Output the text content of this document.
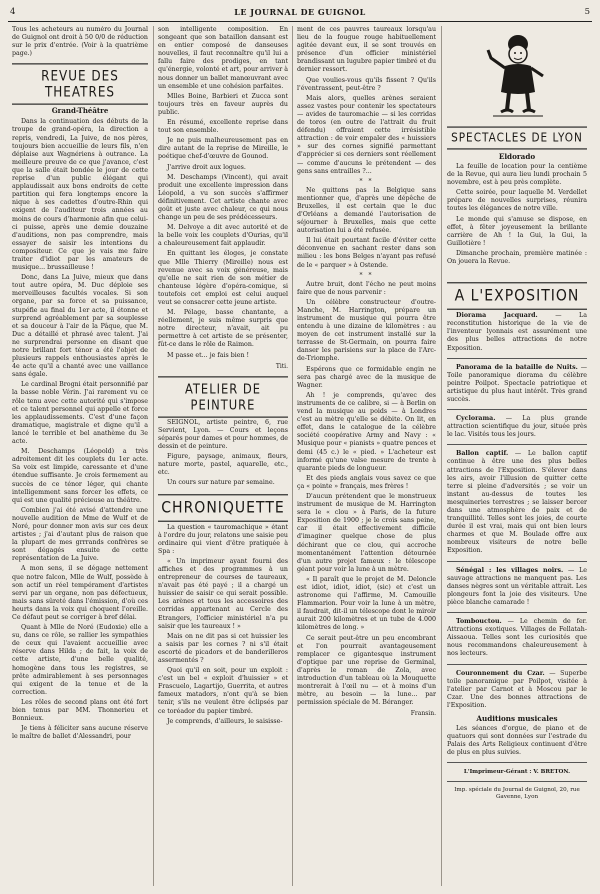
4	LE JOURNAL DE GUIGNOL	5

Tous les acheteurs au numéro du Journal de Guignol ont droit à 50 0/0 de réduction sur le prix d'entrée. (Voir à la quatrième page.)

REVUE DES THEATRES
Grand-Théâtre

Dans la continuation des débuts de la troupe de grand-opéra, la direction a repris, vendredi, La Juive, de nos pères, toujours bien accueillie de leurs fils, n'en déplaise aux Wagnériens à outrance. La meilleure preuve de ce que j'avance, c'est que la salle était bondée le jour de cette reprise d'un public élégant qui applaudissait aux bons endroits de cette partition qui fera longtemps encore la nique à ses cadettes d'outre-Rhin qui exigent de l'auditeur trois années au moins de cours d'harmonie afin que celui-ci puisse, après une demie douzaine d'auditions, non pas comprendre, mais essayer de saisir les intentions du compositeur. Ce que je vais me faire traiter d'idiot par les amateurs de musique... brussailleuse !

Donc, dans La Juive, mieux que dans tout autre opéra, M. Duc déploie ses merveilleuses facultés vocales. Si son organe, par sa force et sa puissance, stupéfie au final du 1er acte, il étonne et surprend agréablement par sa souplesse et sa douceur à l'air de la Pâque, que M. Duc a détaillé et phrasé avec talent. J'ai ne surprendrai personne en disant que notre brillant fort ténor a été l'objet de plusieurs rappels enthousiastes après le 4e acte qu'il a chanté avec une vaillance sans égale.

Le cardinal Brogni était personnifié par la basse noble Vérin. J'ai rarement vu ce rôle tenu avec cette autorité qui s'impose et ce talent personnel qui appelle et force les applaudissements. C'est d'une façon dramatique, magistrale et digne qu'il a lancé le terrible et bel anathème du 3e acte.

M. Deschamps (Léopold) a très adroitement dit les couplets du 1er acte. Sa voix est limpide, caressante et d'une étendue suffisante. Je crois fermement au succès de ce ténor léger, qui chante intelligemment sans forcer les effets, ce qui est une qualité précieuse au théâtre.

Combien j'ai été avisé d'attendre une nouvelle audition de Mme de Wulf et de Noré, pour donner mon avis sur ces deux artistes ; j'ai d'autant plus de raison que la plupart de mes grrrands confrères se sont dégagés ensuite de cette représentation de La Juive.

A mon sens, il se dégage nettement que notre falcon, Mlle de Wulf, possède à son actif un réel tempérament d'artistes servi par un organe, non pas défectueux, mais sans sûreté dans l'émission, d'où ces heurts dans la voix qui choquent l'oreille. Ce défaut peut se corriger à bref délai.

Quant à Mlle de Noré (Eudoxie) elle a su, dans ce rôle, se rallier les sympathies de ceux qui l'avaient accueillie avec réserve dans Hilda ; de fait, la voix de cette artiste, d'une belle qualité, homogène dans tous les registres, se prête admirablement à ses personnages qui exigent de la tenue et de la correction.

Les rôles de second plans ont été fort bien tenus par MM. Thonnerieu et Bonnieux.

Je tiens à féliciter sans aucune réserve le maître de ballet d'Alessandri, pour

son intelligente composition. En songeant que son bataillon dansant est en entier composé de danseuses nouvelles, il faut reconnaître qu'il lui a fallu faire des prodiges, en tant qu'énergie, volonté et art, pour arriver à nous donner un ballet manœuvrant avec un ensemble et une cohésion parfaites.

Mlles Boine, Barbieri et Zucca sont toujours très en faveur auprès du public.

En résumé, excellente reprise dans tout son ensemble.

Je ne puis malheureusement pas en dire autant de la reprise de Mireille, le poétique chef-d'œuvre de Gounod.

J'arrive droit aux logues.

M. Deschamps (Vincent), qui avait produit une excellente impression dans Léopold, a vu son succès s'affirmer définitivement. Cet artiste chante avec goût et juste avec chaleur, ce qui nous change un peu de ses prédécesseurs.

M. Delvoye a dit avec autorité et de la belle voix les couplets d'Ourias, qu'il a chaleureusement fait applaudir.

En quittant les éloges, je constate que Mlle Thierry (Mireille) nous est revenue avec sa voix généreuse, mais qu'elle ne sait rien de son métier de chanteuse légère d'opéra-comique, si toutefois cet emploi est celui auquel veut se consacrer cette jeune artiste.

M. Pélage, basse chantante, a réellement, je suis même surpris que notre directeur, n'avait, ait pu permettre à cet artiste de se présenter, fût-ce dans le rôle de Raimon.

M passe et... je fais bien !

Titi.

ATELIER DE PEINTURE

SEIGNOL, artiste peintre, 6, rue Servient, Lyon. — Cours et leçons séparés pour dames et pour hommes, de dessin et de peinture.

Figure, paysage, animaux, fleurs, nature morte, pastel, aquarelle, etc., etc.

Un cours sur nature par semaine.

CHRONIQUETTE

La question « tauromachique » étant à l'ordre du jour, relatons une saisie peu ordinaire qui vient d'être pratiquée à Spa :

« Un imprimeur ayant fourni des affiches et des programmes à un entrepreneur de courses de taureaux, n'avait pas été payé ; il a chargé un huissier de saisir ce qui serait possible. Les arènes et tous les accessoires des corridas appartenant au Cercle des Etrangers, l'officier ministériel n'a pu saisir que les taureaux ! »

Mais on ne dit pas si cet huissier les a saisis par les cornes ? ni s'il était escorté de picadors et de banderilleros assermentés ?

Quoi qu'il en soit, pour un exploit : c'est un bel « exploit d'huissier » et Frascuelo, Lagartijo, Guerrita, et autres fameux matadors, n'ont qu'à se bien tenir, s'ils ne veulent être éclipsés par ce toréador du papier timbré.

Je comprends, d'ailleurs, le saisisse-

ment de ces pauvres taureaux lorsqu'au lieu de la fougue rouge habituellement agitée devant eux, il se sont trouvés en présence d'un officier ministériel brandissant un lugubre papier timbré et du dernier ressort.

Que voulies-vous qu'ils fissent ? Qu'ils l'éventrassent, peut-être ?

Mais alors, quelles arènes seraient assez vastes pour contenir les spectateurs — avides de tauromachie — si les corridas de toros (en outre de l'attrait du fruit défendu) offraient cette irrésistible attraction : de voir empaler des « huissiers » sur des cornes signifié parmettant d'apprécier si ces derniers sont réellement — comme d'aucuns le prétendent — des gens sans entrailles ?...

* *

Ne quittons pas la Belgique sans mentionner que, d'après une dépêche de Bruxelles, il est certain que le duc d'Orléans a demandé l'autorisation de séjourner à Bruxelles, mais que cette autorisation lui a été refusée.

Il lui était pourtant facile d'éviter cette déconvenue en sachant rester dans son milieu : les bons Belges n'ayant pas refusé de le « parquer » à Ostende.

* *

Autre bruit, dont l'écho ne peut moins faire que de nous parvenir :

Un célèbre constructeur d'outre-Manche, M. Harrington, prépare un instrument de musique qui pourra être entendu à une dizaine de kilomètres : au moyen de cet instrument installé sur la terrasse de St-Germain, on pourra faire danser les parisiens sur la place de l'Arc-de-Triomphe.

Espérons que ce formidable engin ne sera pas chargé avec de la musique de Wagner.

Ah ! je comprends, qu'avec des instruments de ce calibre, si — à Berlin on vend la musique au poids — à Londres c'est au mètre qu'elle se débite. On lit, en effet, dans le catalogue de la célèbre société coopérative Army and Navy : « Musique pour « pianists » quatre pences et demi (45 c.) le « pied. » L'acheteur est informé qu'une valse mesure de trente à quarante pieds de longueur.

Et des pieds anglais vous savez ce que ça « pointe » français, mes frères !

D'aucun prétendent que le monstrueux instrument de musique de M. Harrington sera le « clou » à Paris, de la future Exposition de 1900 ; je le crois sans peine, car il était effectivement difficile d'imaginer quelque chose de plus déchirant que ce clou, qui accroche momentanément l'attention détournée d'un autre projet fameux : le télescope géant pour voir la lune à un mètre.

« Il paraît que le projet de M. Deloncle est idiot, idiot, idiot, (sic) et c'est un astronome qui l'affirme, M. Camouille Flammarion. Pour voir la lune à un mètre, il faudrait, dit-il un télescope dont le miroir aurait 200 kilomètres et un tube de 4.000 kilomètres de long. »

Ce serait peut-être un peu encombrant et l'on pourrait avantageusement remplacer ce gigantesque instrument d'optique par une reprise de Germinal, d'après le roman de Zola, avec introduction d'un tableau où la Mouquette montrerait à l'œil nu — et à moins d'un mètre, au besoin — la lune... par permission spéciale de M. Béranger.

Fransin.

SPECTACLES DE LYON
Eldorado

La feuille de location pour la centième de la Revue, qui aura lieu lundi prochain 5 novembre, est à peu près complète.

Cette soirée, pour laquelle M. Verdellet prépare de nouvelles surprises, réunira toutes les élégances de notre ville.

Le monde qui s'amuse se dispose, en effet, à fêter joyeusement la brillante carrière de Ah ! la Gui, la Gui, la Guillotière !

Dimanche prochain, première matinée : On jouera la Revue.

A L'EXPOSITION

Diorama Jacquard.	— La reconstitution historique de la vie de l'inventeur lyonnais est assurément une des plus belles attractions de notre Exposition.

Panorama de la bataille de Nuits. — Toile panoramique diorama du célèbre peintre Poilpot. Spectacle patriotique et artistique du plus haut intérêt. Très grand succès.

Cyclorama. — La plus grande attraction scientifique du jour, située près le lac. Visités tous les jours.

Ballon captif. — Le ballon captif continue à être une des plus belles attractions de l'Exposition. S'élever dans les airs, avoir l'illusion de quitter cette terre si pleine d'adversités ; se voir un instant au-dessus de toutes les mesquineries terrestres ; se laisser bercer dans une atmosphère de paix et de tranquillité. Telles sont les joies, de courte durée il est vrai, mais qui ont bien leurs charmes et que M. Boulade offre aux nombreux visiteurs de notre belle Exposition.

Sénégal : les villages noirs. — Le sauvage attractions ne manquent pas. Les danses nègres sont un véritable attrait. Les plongeurs font la joie des visiteurs. Une pièce blanche camarade !

Tombouctou. — Le chemin de fer. Attractions exotiques. Villages de Fellatah-Aissaoua. Telles sont les curiosités que nous recommandons chaleureusement à nos lecteurs.

Couronnement du Czar. — Superbe toile panoramique par Poilpot, visitée à l'atelier par Carnot et à Moscou par le Czar. Une des bonnes attractions de l'Exposition.

Auditions musicales

Les séances d'orgue, de piano et de quatuors qui sont données sur l'estrade du Palais des Arts Religieux continuent d'être de plus en plus suivies.

L'Imprimeur-Gérant : V. BRETON.
Imp. spéciale du Journal de Guignol, 20, rue Gavenne, Lyon
